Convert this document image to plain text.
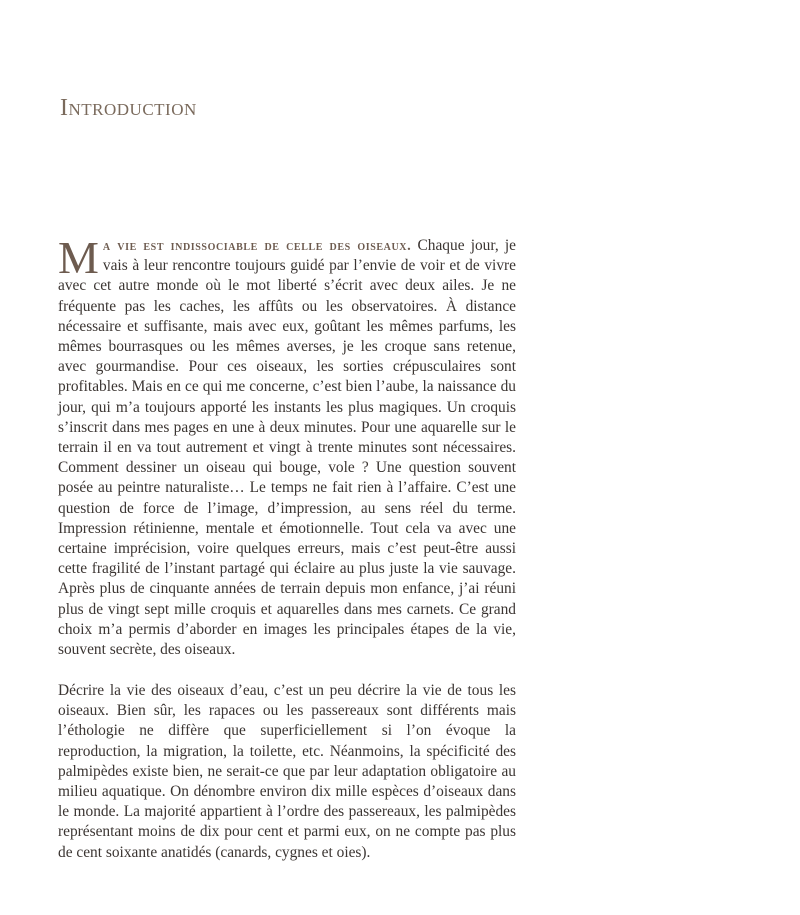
Introduction

Ma vie est indissociable de celle des oiseaux. Chaque jour, je vais à leur rencontre toujours guidé par l’envie de voir et de vivre avec cet autre monde où le mot liberté s’écrit avec deux ailes. Je ne fréquente pas les caches, les affûts ou les observatoires. À distance nécessaire et suffisante, mais avec eux, goûtant les mêmes parfums, les mêmes bourrasques ou les mêmes averses, je les croque sans retenue, avec gourmandise. Pour ces oiseaux, les sorties crépusculaires sont profitables. Mais en ce qui me concerne, c’est bien l’aube, la naissance du jour, qui m’a toujours apporté les instants les plus magiques. Un croquis s’inscrit dans mes pages en une à deux minutes. Pour une aquarelle sur le terrain il en va tout autrement et vingt à trente minutes sont nécessaires. Comment dessiner un oiseau qui bouge, vole ? Une question souvent posée au peintre naturaliste… Le temps ne fait rien à l’affaire. C’est une question de force de l’image, d’impression, au sens réel du terme. Impression rétinienne, mentale et émotionnelle. Tout cela va avec une certaine imprécision, voire quelques erreurs, mais c’est peut-être aussi cette fragilité de l’instant partagé qui éclaire au plus juste la vie sauvage. Après plus de cinquante années de terrain depuis mon enfance, j’ai réuni plus de vingt sept mille croquis et aquarelles dans mes carnets. Ce grand choix m’a permis d’aborder en images les principales étapes de la vie, souvent secrète, des oiseaux.

Décrire la vie des oiseaux d’eau, c’est un peu décrire la vie de tous les oiseaux. Bien sûr, les rapaces ou les passereaux sont différents mais l’éthologie ne diffère que superficiellement si l’on évoque la reproduction, la migration, la toilette, etc. Néanmoins, la spécificité des palmipèdes existe bien, ne serait-ce que par leur adaptation obligatoire au milieu aquatique. On dénombre environ dix mille espèces d’oiseaux dans le monde. La majorité appartient à l’ordre des passereaux, les palmipèdes représentant moins de dix pour cent et parmi eux, on ne compte pas plus de cent soixante anatidés (canards, cygnes et oies).
